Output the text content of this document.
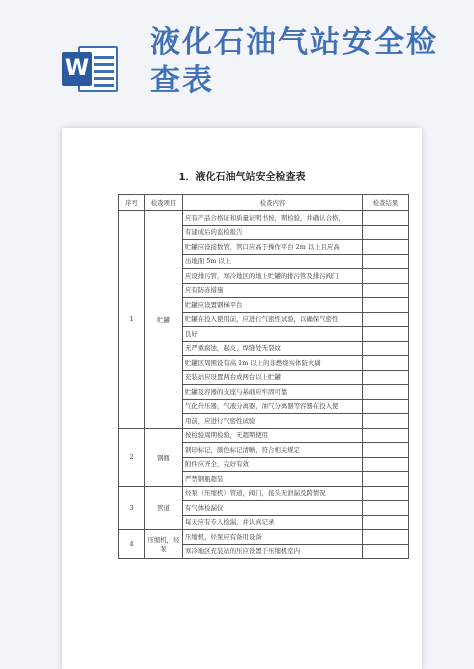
W
液化石油气站安全检查表
1．液化石油气站安全检查表
序号	检查项目	检查内容	检查结果
1	贮罐	应有产品合格证和质量证明书按，期检验，并确认合格，	
		有建成后的监检报告	
		贮罐应设接数管，管口应高于操作平台 2m 以上且应高	
		出地面 5m 以上	
		应设排污管，寒冷地区的地上贮罐的排污管及排污阀门	
		应有防冻措施	
		贮罐应设置钢梯平台	
		贮罐在投入使用前，应进行气密性试验，以确保气密性	
		良好	
		无严重腐蚀，起皮，焊缝处无裂纹	
		贮罐区周围设有高 1m 以上的非燃烧实体防火墙	
		充装站应设置两台或两台以上贮罐	
		贮罐及容器的支座与基础应牢固可靠	
		气化升压器，气液分离器，油气分离器等容器在投入使	
		用前，应进行气密性试验	
2	钢瓶	按检验周期检验，无超期使用	
		钢印标记，颜色标记清晰，符合相关规定	
		附件应齐全，完好有效	
		严禁钢瓶超装	
3	管道	烃泵（压缩机）管道，阀门，接头无泄漏及跨情况	
		有气体检漏仪	
		每天应有专人检漏，并认真记录	
4	压缩机，烃泵	压缩机，烃泵应有备用设备	
		寒冷地区充装站的压应设置于压缩机室内	
